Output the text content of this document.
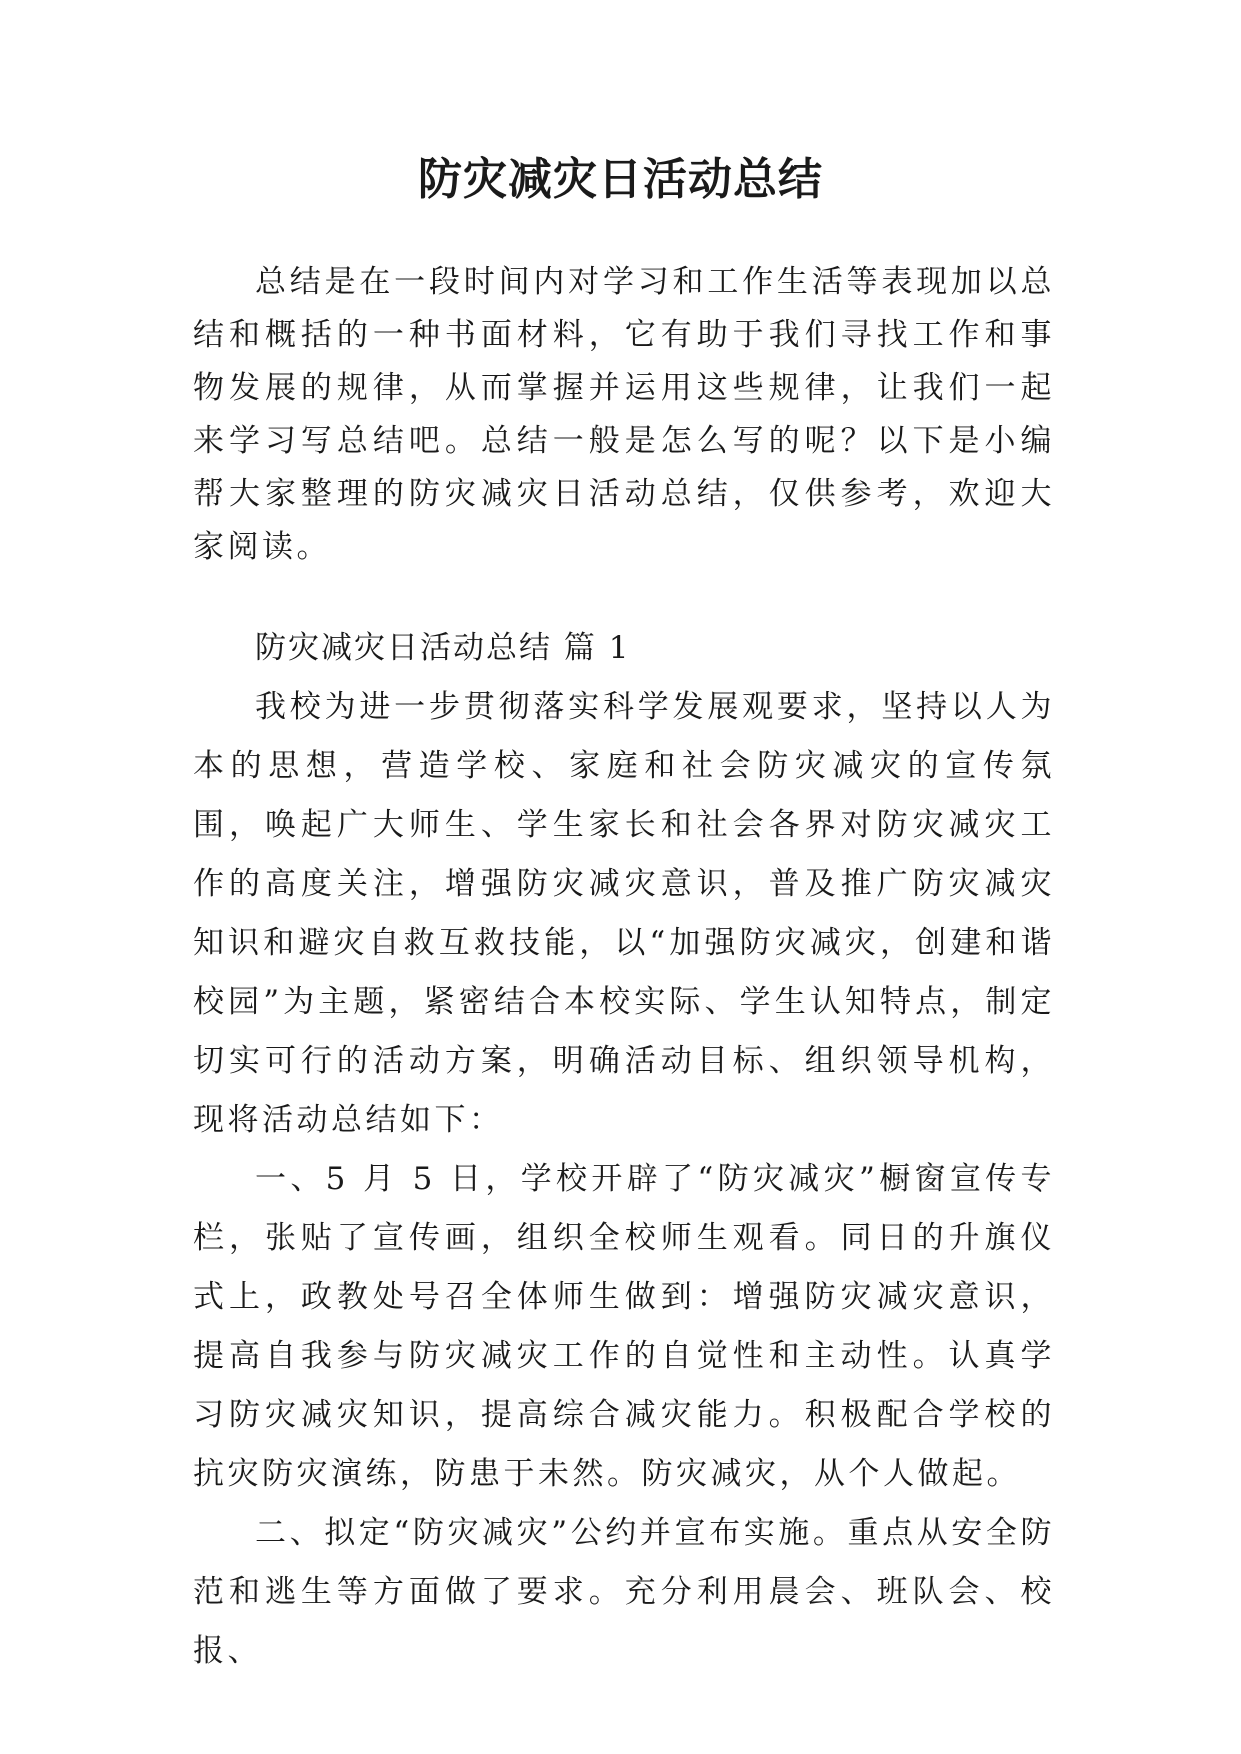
防灾减灾日活动总结

总结是在一段时间内对学习和工作生活等表现加以总结和概括的一种书面材料，它有助于我们寻找工作和事物发展的规律，从而掌握并运用这些规律，让我们一起来学习写总结吧。总结一般是怎么写的呢？以下是小编帮大家整理的防灾减灾日活动总结，仅供参考，欢迎大家阅读。

防灾减灾日活动总结 篇 1

我校为进一步贯彻落实科学发展观要求，坚持以人为本的思想，营造学校、家庭和社会防灾减灾的宣传氛围，唤起广大师生、学生家长和社会各界对防灾减灾工作的高度关注，增强防灾减灾意识，普及推广防灾减灾知识和避灾自救互救技能，以“加强防灾减灾，创建和谐校园”为主题，紧密结合本校实际、学生认知特点，制定切实可行的活动方案，明确活动目标、组织领导机构，现将活动总结如下：

一、5 月 5 日，学校开辟了“防灾减灾”橱窗宣传专栏，张贴了宣传画，组织全校师生观看。同日的升旗仪式上，政教处号召全体师生做到：增强防灾减灾意识，提高自我参与防灾减灾工作的自觉性和主动性。认真学习防灾减灾知识，提高综合减灾能力。积极配合学校的抗灾防灾演练，防患于未然。防灾减灾，从个人做起。

二、拟定“防灾减灾”公约并宣布实施。重点从安全防范和逃生等方面做了要求。充分利用晨会、班队会、校报、
